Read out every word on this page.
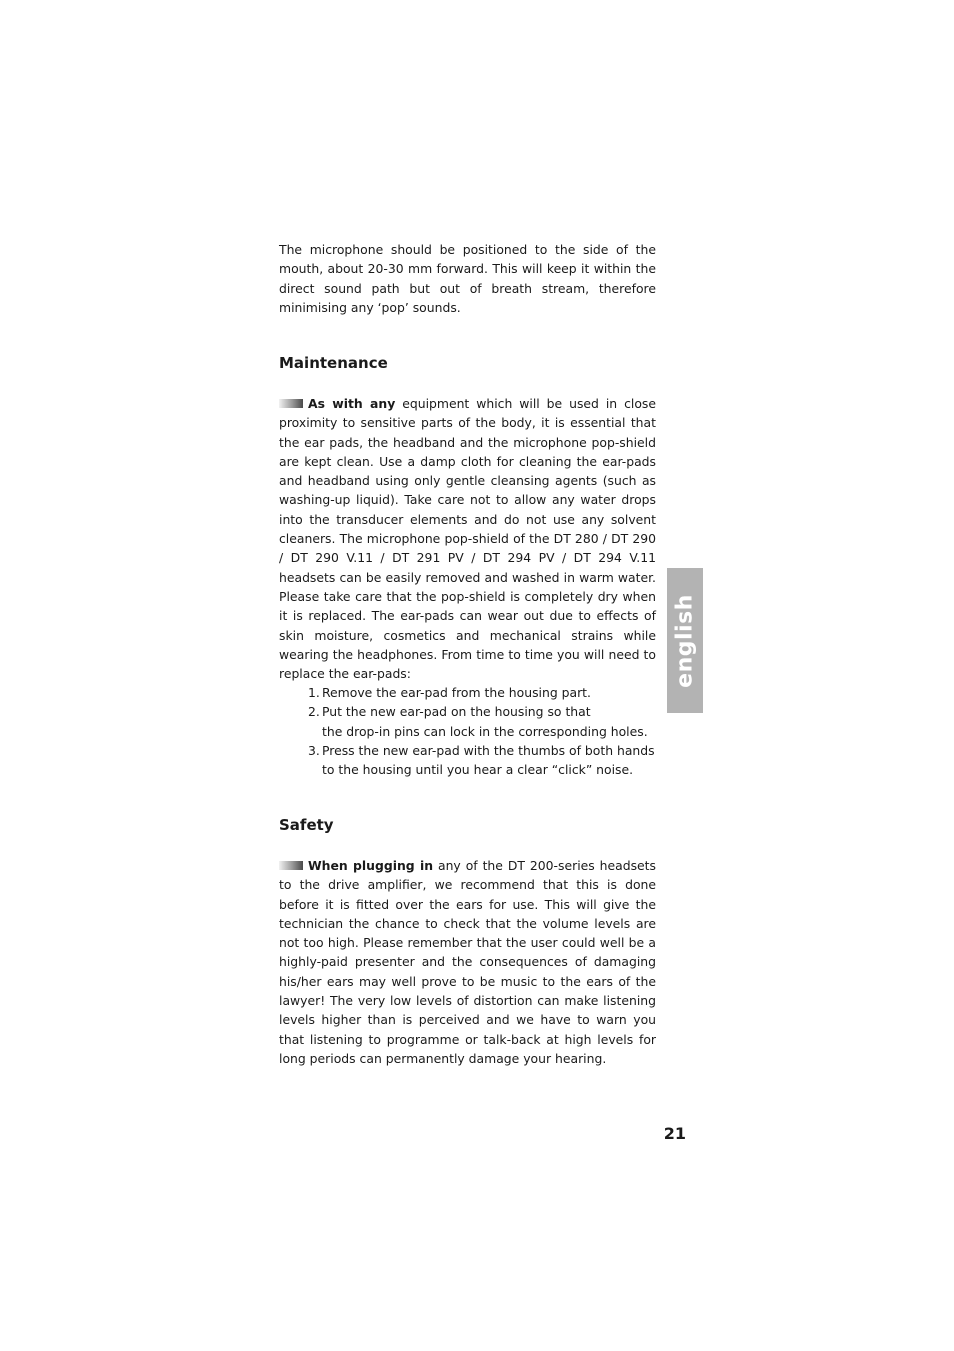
The microphone should be positioned to the side of the mouth, about 20-30 mm forward. This will keep it within the direct sound path but out of breath stream, therefore minimising any ‘pop’ sounds.

Maintenance

As with any equipment which will be used in close proximity to sensitive parts of the body, it is essential that the ear pads, the headband and the microphone pop-shield are kept clean. Use a damp cloth for cleaning the ear-pads and headband using only gentle cleansing agents (such as washing-up liquid). Take care not to allow any water drops into the transducer elements and do not use any solvent cleaners. The microphone pop-shield of the DT 280 / DT 290 / DT 290 V.11 / DT 291 PV / DT 294 PV / DT 294 V.11 headsets can be easily removed and washed in warm water. Please take care that the pop-shield is completely dry when it is replaced. The ear-pads can wear out due to effects of skin moisture, cosmetics and mechanical strains while wearing the headphones. From time to time you will need to replace the ear-pads:

1. Remove the ear-pad from the housing part.
2. Put the new ear-pad on the housing so that
the drop-in pins can lock in the corresponding holes.
3. Press the new ear-pad with the thumbs of both hands
to the housing until you hear a clear “click” noise.
Safety

When plugging in any of the DT 200-series headsets to the drive amplifier, we recommend that this is done before it is fitted over the ears for use. This will give the technician the chance to check that the volume levels are not too high. Please remember that the user could well be a highly-paid presenter and the consequences of damaging his/her ears may well prove to be music to the ears of the lawyer! The very low levels of distortion can make listening levels higher than is perceived and we have to warn you that listening to programme or talk-back at high levels for long periods can permanently damage your hearing.

english
21
